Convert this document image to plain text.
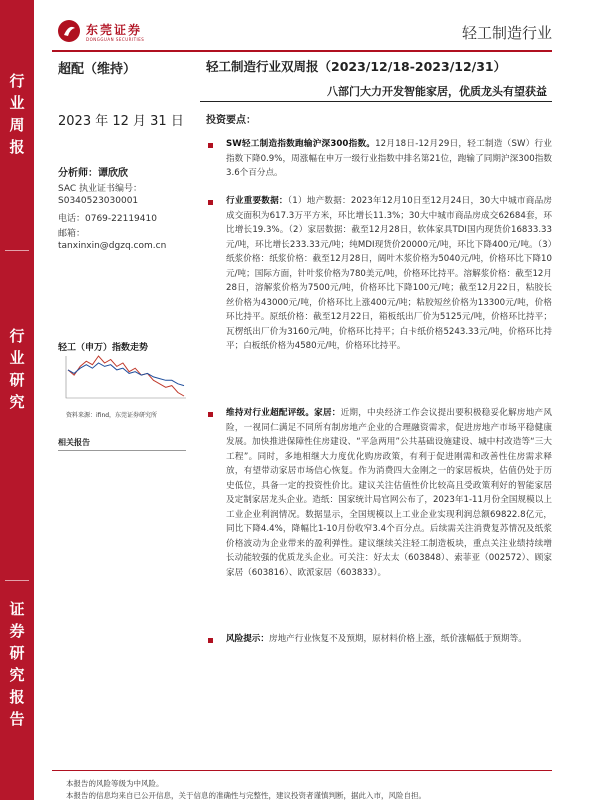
行
业
周
报
行
业
研
究
证
券
研
究
报
告
东莞证券
DONGGUAN SECURITIES	轻工制造行业
超配（维持）
2023 年 12 月 31 日
分析师：谭欣欣
SAC 执业证书编号：
S0340523030001
电话：0769-22119410
邮箱：
tanxinxin@dgzq.com.cn
轻工（申万）指数走势
资料来源：ifind，东莞证券研究所
相关报告
轻工制造行业双周报（2023/12/18-2023/12/31）
八部门大力开发智能家居，优质龙头有望获益
投资要点：
SW轻工制造指数跑输沪深300指数。12月18日-12月29日，轻工制造（SW）行业指数下降0.9%，周涨幅在申万一级行业指数中排名第21位，跑输了同期沪深300指数3.6个百分点。
行业重要数据：（1）地产数据：2023年12月10日至12月24日，30大中城市商品房成交面积为617.3万平方米，环比增长11.3%；30大中城市商品房成交62684套，环比增长19.3%。（2）家居数据：截至12月28日，软体家具TDI国内现货价16833.33元/吨，环比增长233.33元/吨；纯MDI现货价20000元/吨，环比下降400元/吨。（3）纸浆价格：纸浆价格：截至12月28日，阔叶木浆价格为5040元/吨，价格环比下降10元/吨；国际方面，针叶浆价格为780美元/吨，价格环比持平。溶解浆价格：截至12月28日，溶解浆价格为7500元/吨，价格环比下降100元/吨；截至12月22日，粘胶长丝价格为43000元/吨，价格环比上涨400元/吨；粘胶短丝价格为13300元/吨，价格环比持平。原纸价格：截至12月22日，箱板纸出厂价为5125元/吨，价格环比持平；瓦楞纸出厂价为3160元/吨，价格环比持平；白卡纸价格5243.33元/吨，价格环比持平；白板纸价格为4580元/吨，价格环比持平。
维持对行业超配评级。家居：近期，中央经济工作会议提出要积极稳妥化解房地产风险，一视同仁满足不同所有制房地产企业的合理融资需求，促进房地产市场平稳健康发展。加快推进保障性住房建设、“平急两用”公共基础设施建设、城中村改造等“三大工程”。同时，多地相继大力度优化购房政策，有利于促进刚需和改善性住房需求释放，有望带动家居市场信心恢复。作为消费四大金刚之一的家居板块，估值仍处于历史低位，具备一定的投资性价比。建议关注估值性价比较高且受政策利好的智能家居及定制家居龙头企业。造纸：国家统计局官网公布了，2023年1-11月份全国规模以上工业企业利润情况。数据显示，全国规模以上工业企业实现利润总额69822.8亿元，同比下降4.4%，降幅比1-10月份收窄3.4个百分点。后续需关注消费复苏情况及纸浆价格波动为企业带来的盈利弹性。建议继续关注轻工制造板块，重点关注业绩持续增长动能较强的优质龙头企业。可关注：好太太（603848）、索菲亚（002572）、顾家家居（603816）、欧派家居（603833）。
风险提示：房地产行业恢复不及预期，原材料价格上涨，纸价涨幅低于预期等。
本报告的风险等级为中风险。
本报告的信息均来自已公开信息，关于信息的准确性与完整性，建议投资者谨慎判断，据此入市，风险自担。
